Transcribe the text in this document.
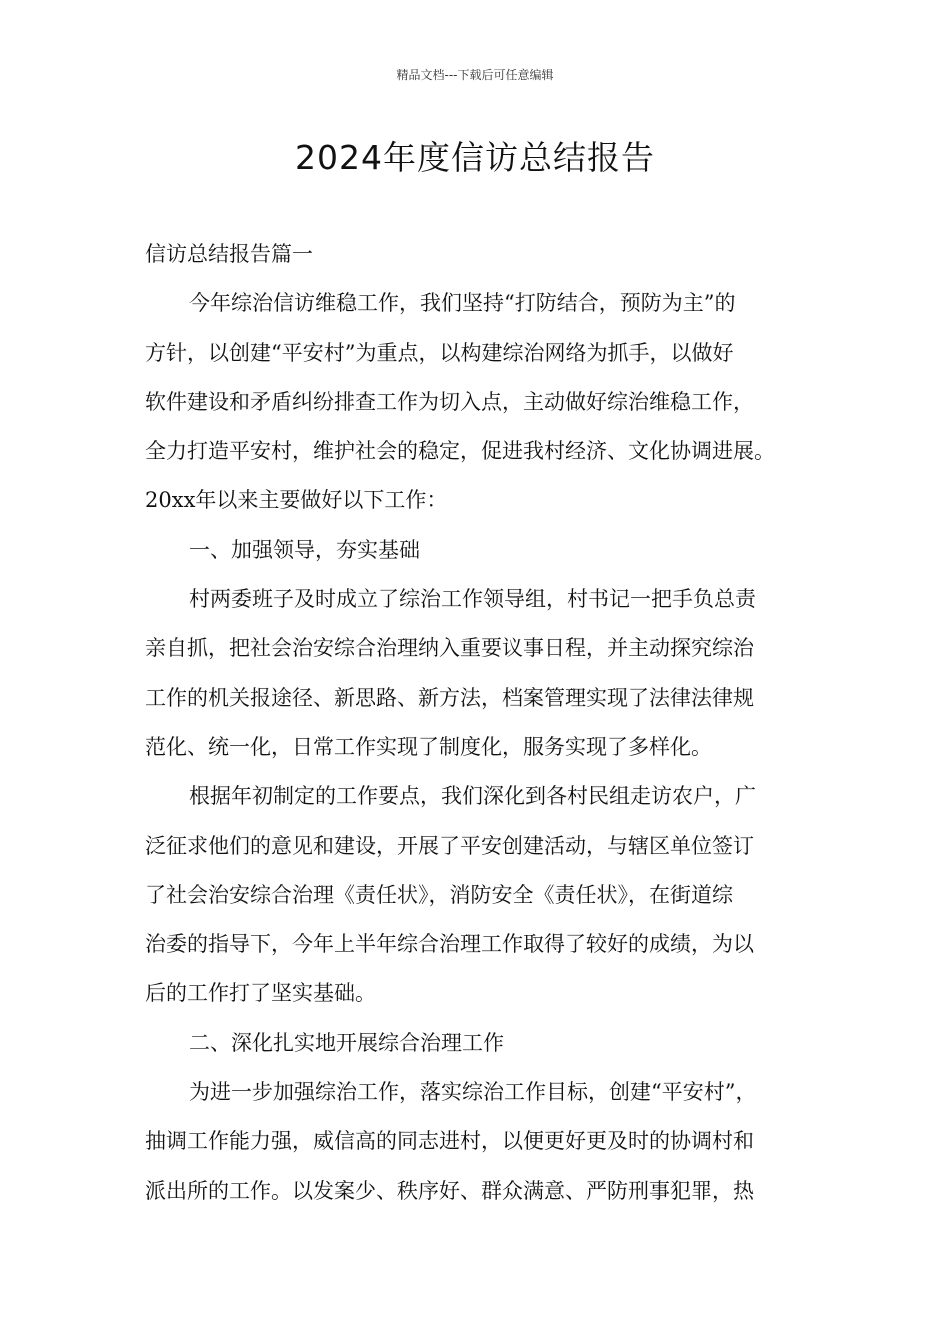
精品文档---下载后可任意编辑
2024年度信访总结报告
信访总结报告篇一
今年综治信访维稳工作，我们坚持“打防结合，预防为主”的
方针，以创建“平安村”为重点，以构建综治网络为抓手，以做好
软件建设和矛盾纠纷排查工作为切入点，主动做好综治维稳工作，
全力打造平安村，维护社会的稳定，促进我村经济、文化协调进展。
20xx年以来主要做好以下工作：
一、加强领导，夯实基础
村两委班子及时成立了综治工作领导组，村书记一把手负总责
亲自抓，把社会治安综合治理纳入重要议事日程，并主动探究综治
工作的机关报途径、新思路、新方法，档案管理实现了法律法律规
范化、统一化，日常工作实现了制度化，服务实现了多样化。
根据年初制定的工作要点，我们深化到各村民组走访农户，广
泛征求他们的意见和建设，开展了平安创建活动，与辖区单位签订
了社会治安综合治理《责任状》，消防安全《责任状》，在街道综
治委的指导下，今年上半年综合治理工作取得了较好的成绩，为以
后的工作打了坚实基础。
二、深化扎实地开展综合治理工作
为进一步加强综治工作，落实综治工作目标，创建“平安村”，
抽调工作能力强，威信高的同志进村，以便更好更及时的协调村和
派出所的工作。以发案少、秩序好、群众满意、严防刑事犯罪，热
